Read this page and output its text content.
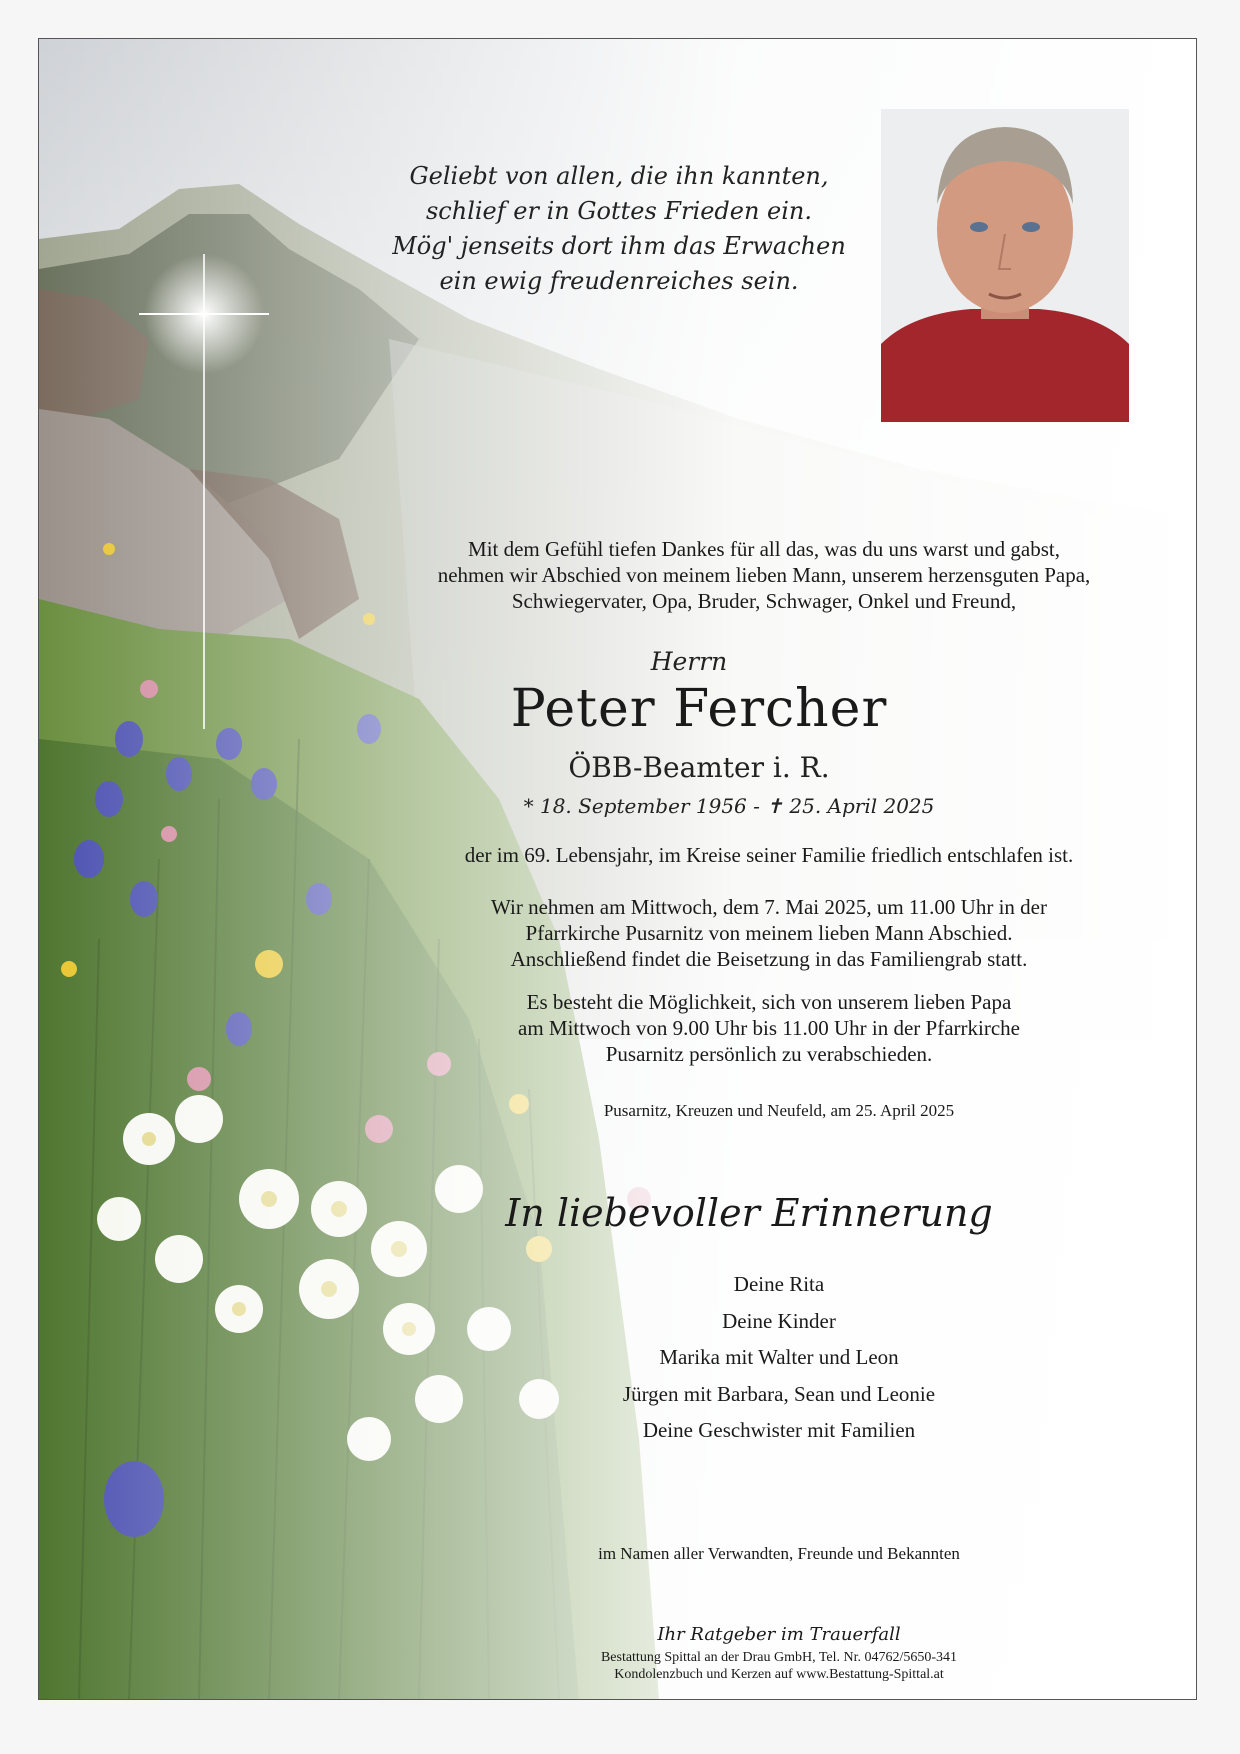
Geliebt von allen, die ihn kannten,
schlief er in Gottes Frieden ein.
Mög' jenseits dort ihm das Erwachen
ein ewig freudenreiches sein.
Mit dem Gefühl tiefen Dankes für all das, was du uns warst und gabst,
nehmen wir Abschied von meinem lieben Mann, unserem herzensguten Papa,
Schwiegervater, Opa, Bruder, Schwager, Onkel und Freund,
Herrn
Peter Fercher
ÖBB-Beamter i. R.
* 18. September 1956 - ✝ 25. April 2025
der im 69. Lebensjahr, im Kreise seiner Familie friedlich entschlafen ist.
Wir nehmen am Mittwoch, dem 7. Mai 2025, um 11.00 Uhr in der
Pfarrkirche Pusarnitz von meinem lieben Mann Abschied.
Anschließend findet die Beisetzung in das Familiengrab statt.
Es besteht die Möglichkeit, sich von unserem lieben Papa
am Mittwoch von 9.00 Uhr bis 11.00 Uhr in der Pfarrkirche
Pusarnitz persönlich zu verabschieden.
Pusarnitz, Kreuzen und Neufeld, am 25. April 2025
In liebevoller Erinnerung
Deine Rita
Deine Kinder
Marika mit Walter und Leon
Jürgen mit Barbara, Sean und Leonie
Deine Geschwister mit Familien
im Namen aller Verwandten, Freunde und Bekannten
Ihr Ratgeber im Trauerfall
Bestattung Spittal an der Drau GmbH, Tel. Nr. 04762/5650-341
Kondolenzbuch und Kerzen auf www.Bestattung-Spittal.at
